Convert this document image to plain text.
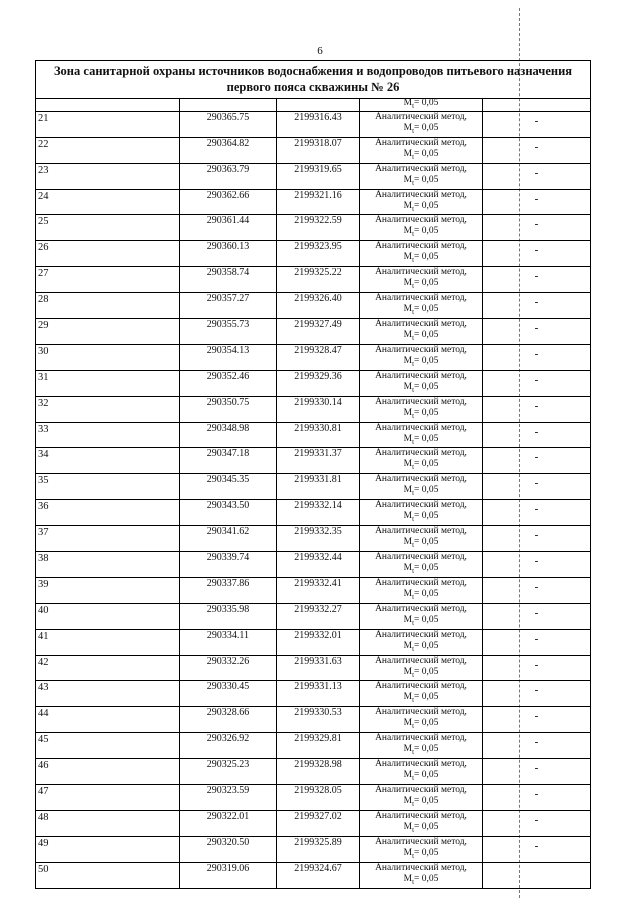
6
Зона санитарной охраны источников водоснабжения и водопроводов питьевого назначения первого пояса скважины № 26
			$M_t= 0,05$	
21	290365.75	2199316.43	Аналитический метод,
$M_t= 0,05$	-
22	290364.82	2199318.07	Аналитический метод,
$M_t= 0,05$	-
23	290363.79	2199319.65	Аналитический метод,
$M_t= 0,05$	-
24	290362.66	2199321.16	Аналитический метод,
$M_t= 0,05$	-
25	290361.44	2199322.59	Аналитический метод,
$M_t= 0,05$	-
26	290360.13	2199323.95	Аналитический метод,
$M_t= 0,05$	-
27	290358.74	2199325.22	Аналитический метод,
$M_t= 0,05$	-
28	290357.27	2199326.40	Аналитический метод,
$M_t= 0,05$	-
29	290355.73	2199327.49	Аналитический метод,
$M_t= 0,05$	-
30	290354.13	2199328.47	Аналитический метод,
$M_t= 0,05$	-
31	290352.46	2199329.36	Аналитический метод,
$M_t= 0,05$	-
32	290350.75	2199330.14	Аналитический метод,
$M_t= 0,05$	-
33	290348.98	2199330.81	Аналитический метод,
$M_t= 0,05$	-
34	290347.18	2199331.37	Аналитический метод,
$M_t= 0,05$	-
35	290345.35	2199331.81	Аналитический метод,
$M_t= 0,05$	-
36	290343.50	2199332.14	Аналитический метод,
$M_t= 0,05$	-
37	290341.62	2199332.35	Аналитический метод,
$M_t= 0,05$	-
38	290339.74	2199332.44	Аналитический метод,
$M_t= 0,05$	-
39	290337.86	2199332.41	Аналитический метод,
$M_t= 0,05$	-
40	290335.98	2199332.27	Аналитический метод,
$M_t= 0,05$	-
41	290334.11	2199332.01	Аналитический метод,
$M_t= 0,05$	-
42	290332.26	2199331.63	Аналитический метод,
$M_t= 0,05$	-
43	290330.45	2199331.13	Аналитический метод,
$M_t= 0,05$	-
44	290328.66	2199330.53	Аналитический метод,
$M_t= 0,05$	-
45	290326.92	2199329.81	Аналитический метод,
$M_t= 0,05$	-
46	290325.23	2199328.98	Аналитический метод,
$M_t= 0,05$	-
47	290323.59	2199328.05	Аналитический метод,
$M_t= 0,05$	-
48	290322.01	2199327.02	Аналитический метод,
$M_t= 0,05$	-
49	290320.50	2199325.89	Аналитический метод,
$M_t= 0,05$	-
50	290319.06	2199324.67	Аналитический метод,
$M_t= 0,05$	
